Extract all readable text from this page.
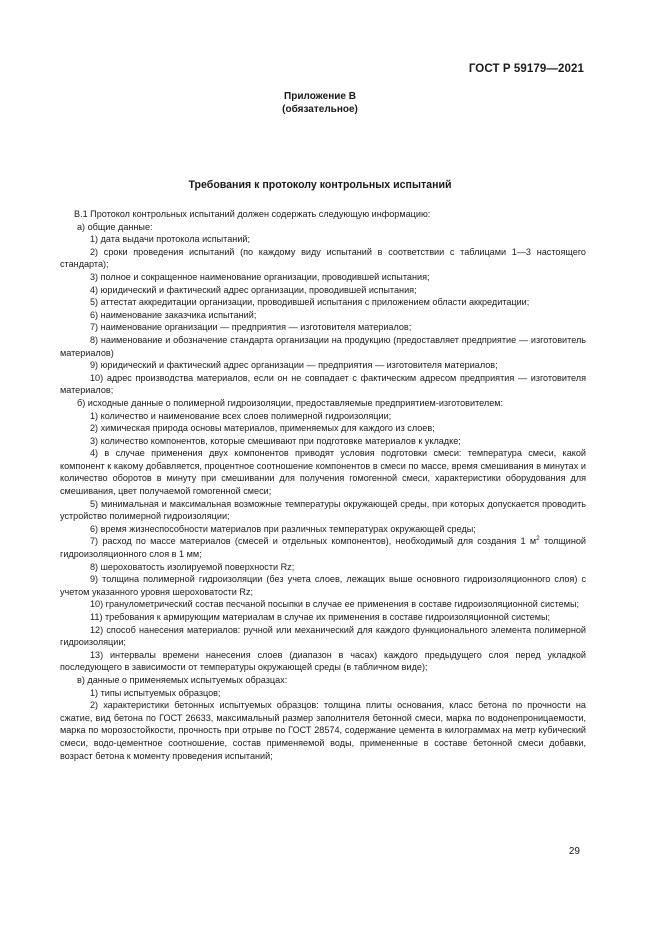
ГОСТ Р 59179—2021
Приложение В
(обязательное)
Требования к протоколу контрольных испытаний

В.1 Протокол контрольных испытаний должен содержать следующую информацию:

а) общие данные:

1) дата выдачи протокола испытаний;

2) сроки проведения испытаний (по каждому виду испытаний в соответствии с таблицами 1—3 настоящего стандарта);

3) полное и сокращенное наименование организации, проводившей испытания;

4) юридический и фактический адрес организации, проводившей испытания;

5) аттестат аккредитации организации, проводившей испытания с приложением области аккредитации;

6) наименование заказчика испытаний;

7) наименование организации — предприятия — изготовителя материалов;

8) наименование и обозначение стандарта организации на продукцию (предоставляет предприятие — изготовитель материалов)

9) юридический и фактический адрес организации — предприятия — изготовителя материалов;

10) адрес производства материалов, если он не совпадает с фактическим адресом предприятия — изготовителя материалов;

б) исходные данные о полимерной гидроизоляции, предоставляемые предприятием-изготовителем:

1) количество и наименование всех слоев полимерной гидроизоляции;

2) химическая природа основы материалов, применяемых для каждого из слоев;

3) количество компонентов, которые смешивают при подготовке материалов к укладке;

4) в случае применения двух компонентов приводят условия подготовки смеси: температура смеси, какой компонент к какому добавляется, процентное соотношение компонентов в смеси по массе, время смешивания в минутах и количество оборотов в минуту при смешивании для получения гомогенной смеси, характеристики оборудования для смешивания, цвет получаемой гомогенной смеси;

5) минимальная и максимальная возможные температуры окружающей среды, при которых допускается проводить устройство полимерной гидроизоляции;

6) время жизнеспособности материалов при различных температурах окружающей среды;

7) расход по массе материалов (смесей и отдельных компонентов), необходимый для создания 1 $м^2$ толщиной гидроизоляционного слоя в 1 мм;

8) шероховатость изолируемой поверхности Rz;

9) толщина полимерной гидроизоляции (без учета слоев, лежащих выше основного гидроизоляционного слоя) с учетом указанного уровня шероховатости Rz;

10) гранулометрический состав песчаной посыпки в случае ее применения в составе гидроизоляционной системы;

11) требования к армирующим материалам в случае их применения в составе гидроизоляционной системы;

12) способ нанесения материалов: ручной или механический для каждого функционального элемента полимерной гидроизоляции;

13) интервалы времени нанесения слоев (диапазон в часах) каждого предыдущего слоя перед укладкой последующего в зависимости от температуры окружающей среды (в табличном виде);

в) данные о применяемых испытуемых образцах:

1) типы испытуемых образцов;

2) характеристики бетонных испытуемых образцов: толщина плиты основания, класс бетона по прочности на сжатие, вид бетона по ГОСТ 26633, максимальный размер заполнителя бетонной смеси, марка по водонепроницаемости, марка по морозостойкости, прочность при отрыве по ГОСТ 28574, содержание цемента в килограммах на метр кубический смеси, водо-цементное соотношение, состав применяемой воды, примененные в составе бетонной смеси добавки, возраст бетона к моменту проведения испытаний;

29
